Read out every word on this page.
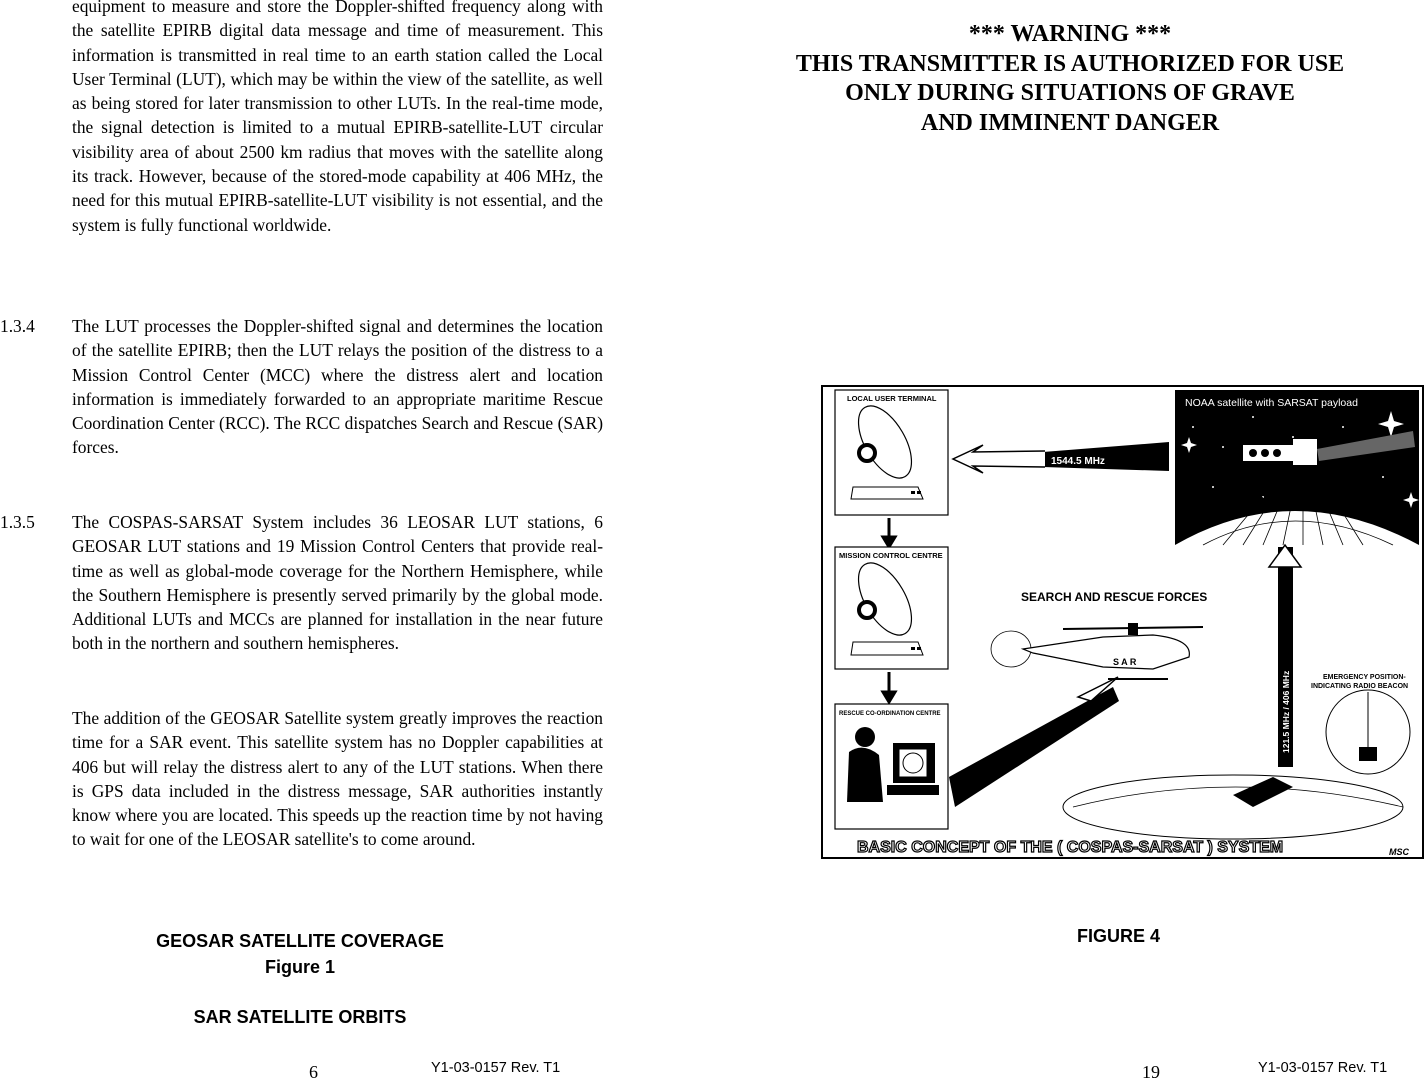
equipment to measure and store the Doppler-shifted frequency along with the satellite EPIRB digital data message and time of measurement. This information is transmitted in real time to an earth station called the Local User Terminal (LUT), which may be within the view of the satellite, as well as being stored for later transmission to other LUTs. In the real-time mode, the signal detection is limited to a mutual EPIRB-satellite-LUT circular visibility area of about 2500 km radius that moves with the satellite along its track. However, because of the stored-mode capability at 406 MHz, the need for this mutual EPIRB-satellite-LUT visibility is not essential, and the system is fully functional worldwide.
1.3.4 The LUT processes the Doppler-shifted signal and determines the location of the satellite EPIRB; then the LUT relays the position of the distress to a Mission Control Center (MCC) where the distress alert and location information is immediately forwarded to an appropriate maritime Rescue Coordination Center (RCC). The RCC dispatches Search and Rescue (SAR) forces.
1.3.5 The COSPAS-SARSAT System includes 36 LEOSAR LUT stations, 6 GEOSAR LUT stations and 19 Mission Control Centers that provide real-time as well as global-mode coverage for the Northern Hemisphere, while the Southern Hemisphere is presently served primarily by the global mode. Additional LUTs and MCCs are planned for installation in the near future both in the northern and southern hemispheres.
The addition of the GEOSAR Satellite system greatly improves the reaction time for a SAR event. This satellite system has no Doppler capabilities at 406 but will relay the distress alert to any of the LUT stations. When there is GPS data included in the distress message, SAR authorities instantly know where you are located. This speeds up the reaction time by not having to wait for one of the LEOSAR satellite's to come around.
GEOSAR SATELLITE COVERAGE
Figure 1
SAR SATELLITE ORBITS
6	Y1-03-0157 Rev. T1
*** WARNING ***
THIS TRANSMITTER IS AUTHORIZED FOR USE
ONLY DURING SITUATIONS OF GRAVE
AND IMMINENT DANGER
LOCAL USER TERMINAL
MISSION CONTROL CENTRE
RESCUE CO-ORDINATION CENTRE
NOAA satellite with SARSAT payload
1544.5 MHz
SEARCH AND RESCUE FORCES
S A R
121.5 MHz / 406 MHz	EMERGENCY POSITION-
INDICATING RADIO BEACON
BASIC CONCEPT OF THE ( COSPAS-SARSAT ) SYSTEM	MSC
FIGURE 4
19	Y1-03-0157 Rev. T1
